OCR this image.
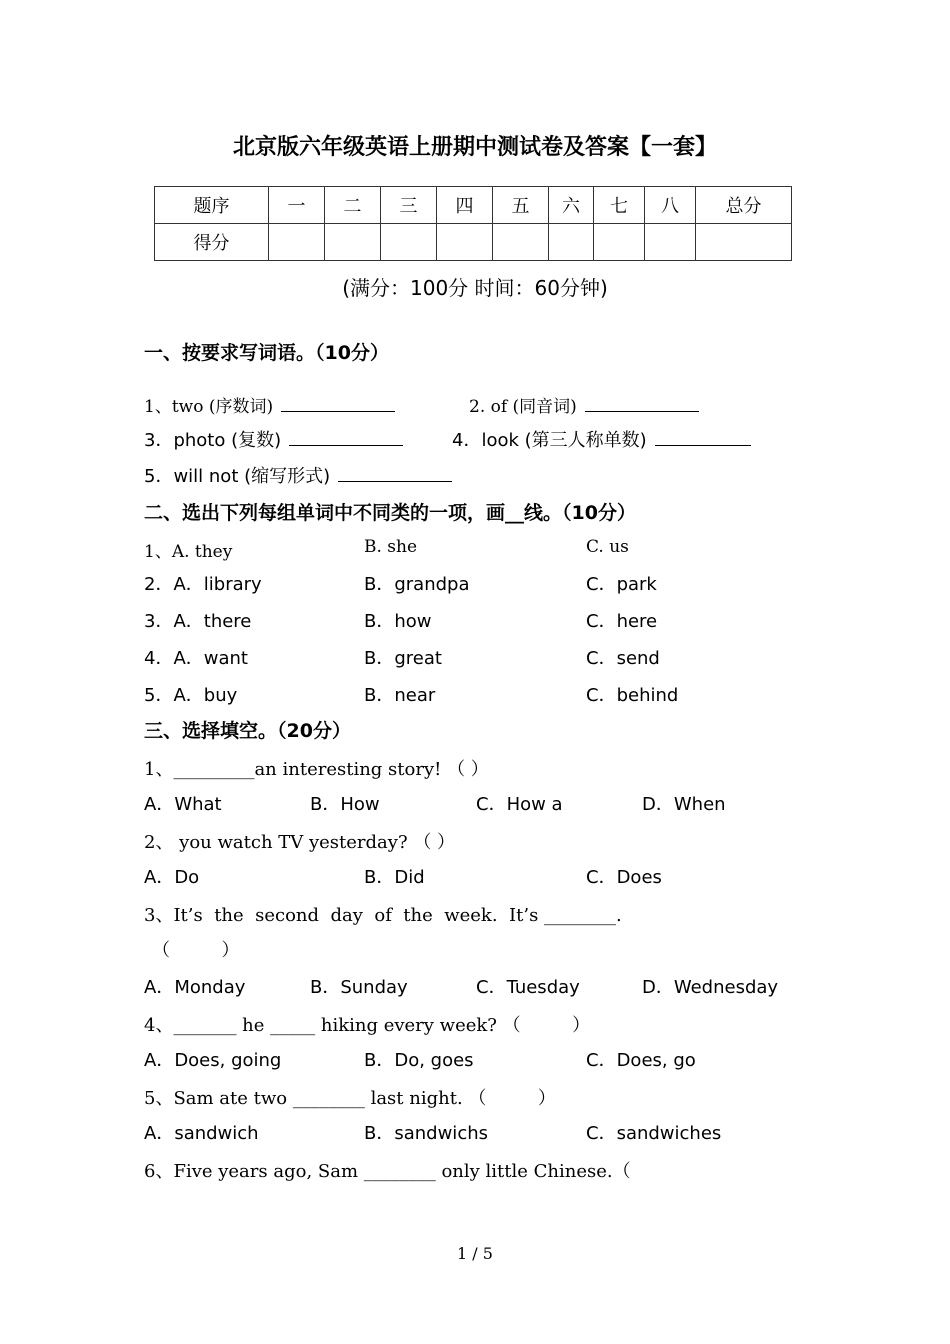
北京版六年级英语上册期中测试卷及答案【一套】
题序	一	二	三	四	五	六	七	八	总分
得分									
(满分：100分 时间：60分钟)
一、按要求写词语。（10分）
1、two (序数词)	2. of (同音词)
3．photo (复数)	4．look (第三人称单数)
5．will not (缩写形式)
二、选出下列每组单词中不同类的一项，画__线。（10分）
1、A. they	B. she	C. us
2．A．library	B．grandpa	C．park
3．A．there	B．how	C．here
4．A．want	B．great	C．send
5．A．buy	B．near	C．behind
三、选择填空。（20分）
1、_________an interesting story! （ ）
A．What	B．How	C．How a	D．When
2、 you watch TV yesterday? （ ）
A．Do	B．Did	C．Does
3、It’s  the  second  day  of  the  week.  It’s ________.
（         ）
A．Monday	B．Sunday	C．Tuesday	D．Wednesday
4、_______ he _____ hiking every week? （         ）
A．Does, going	B．Do, goes	C．Does, go
5、Sam ate two ________ last night. （         ）
A．sandwich	B．sandwichs	C．sandwiches
6、Five years ago, Sam ________ only little Chinese.（
1 / 5
